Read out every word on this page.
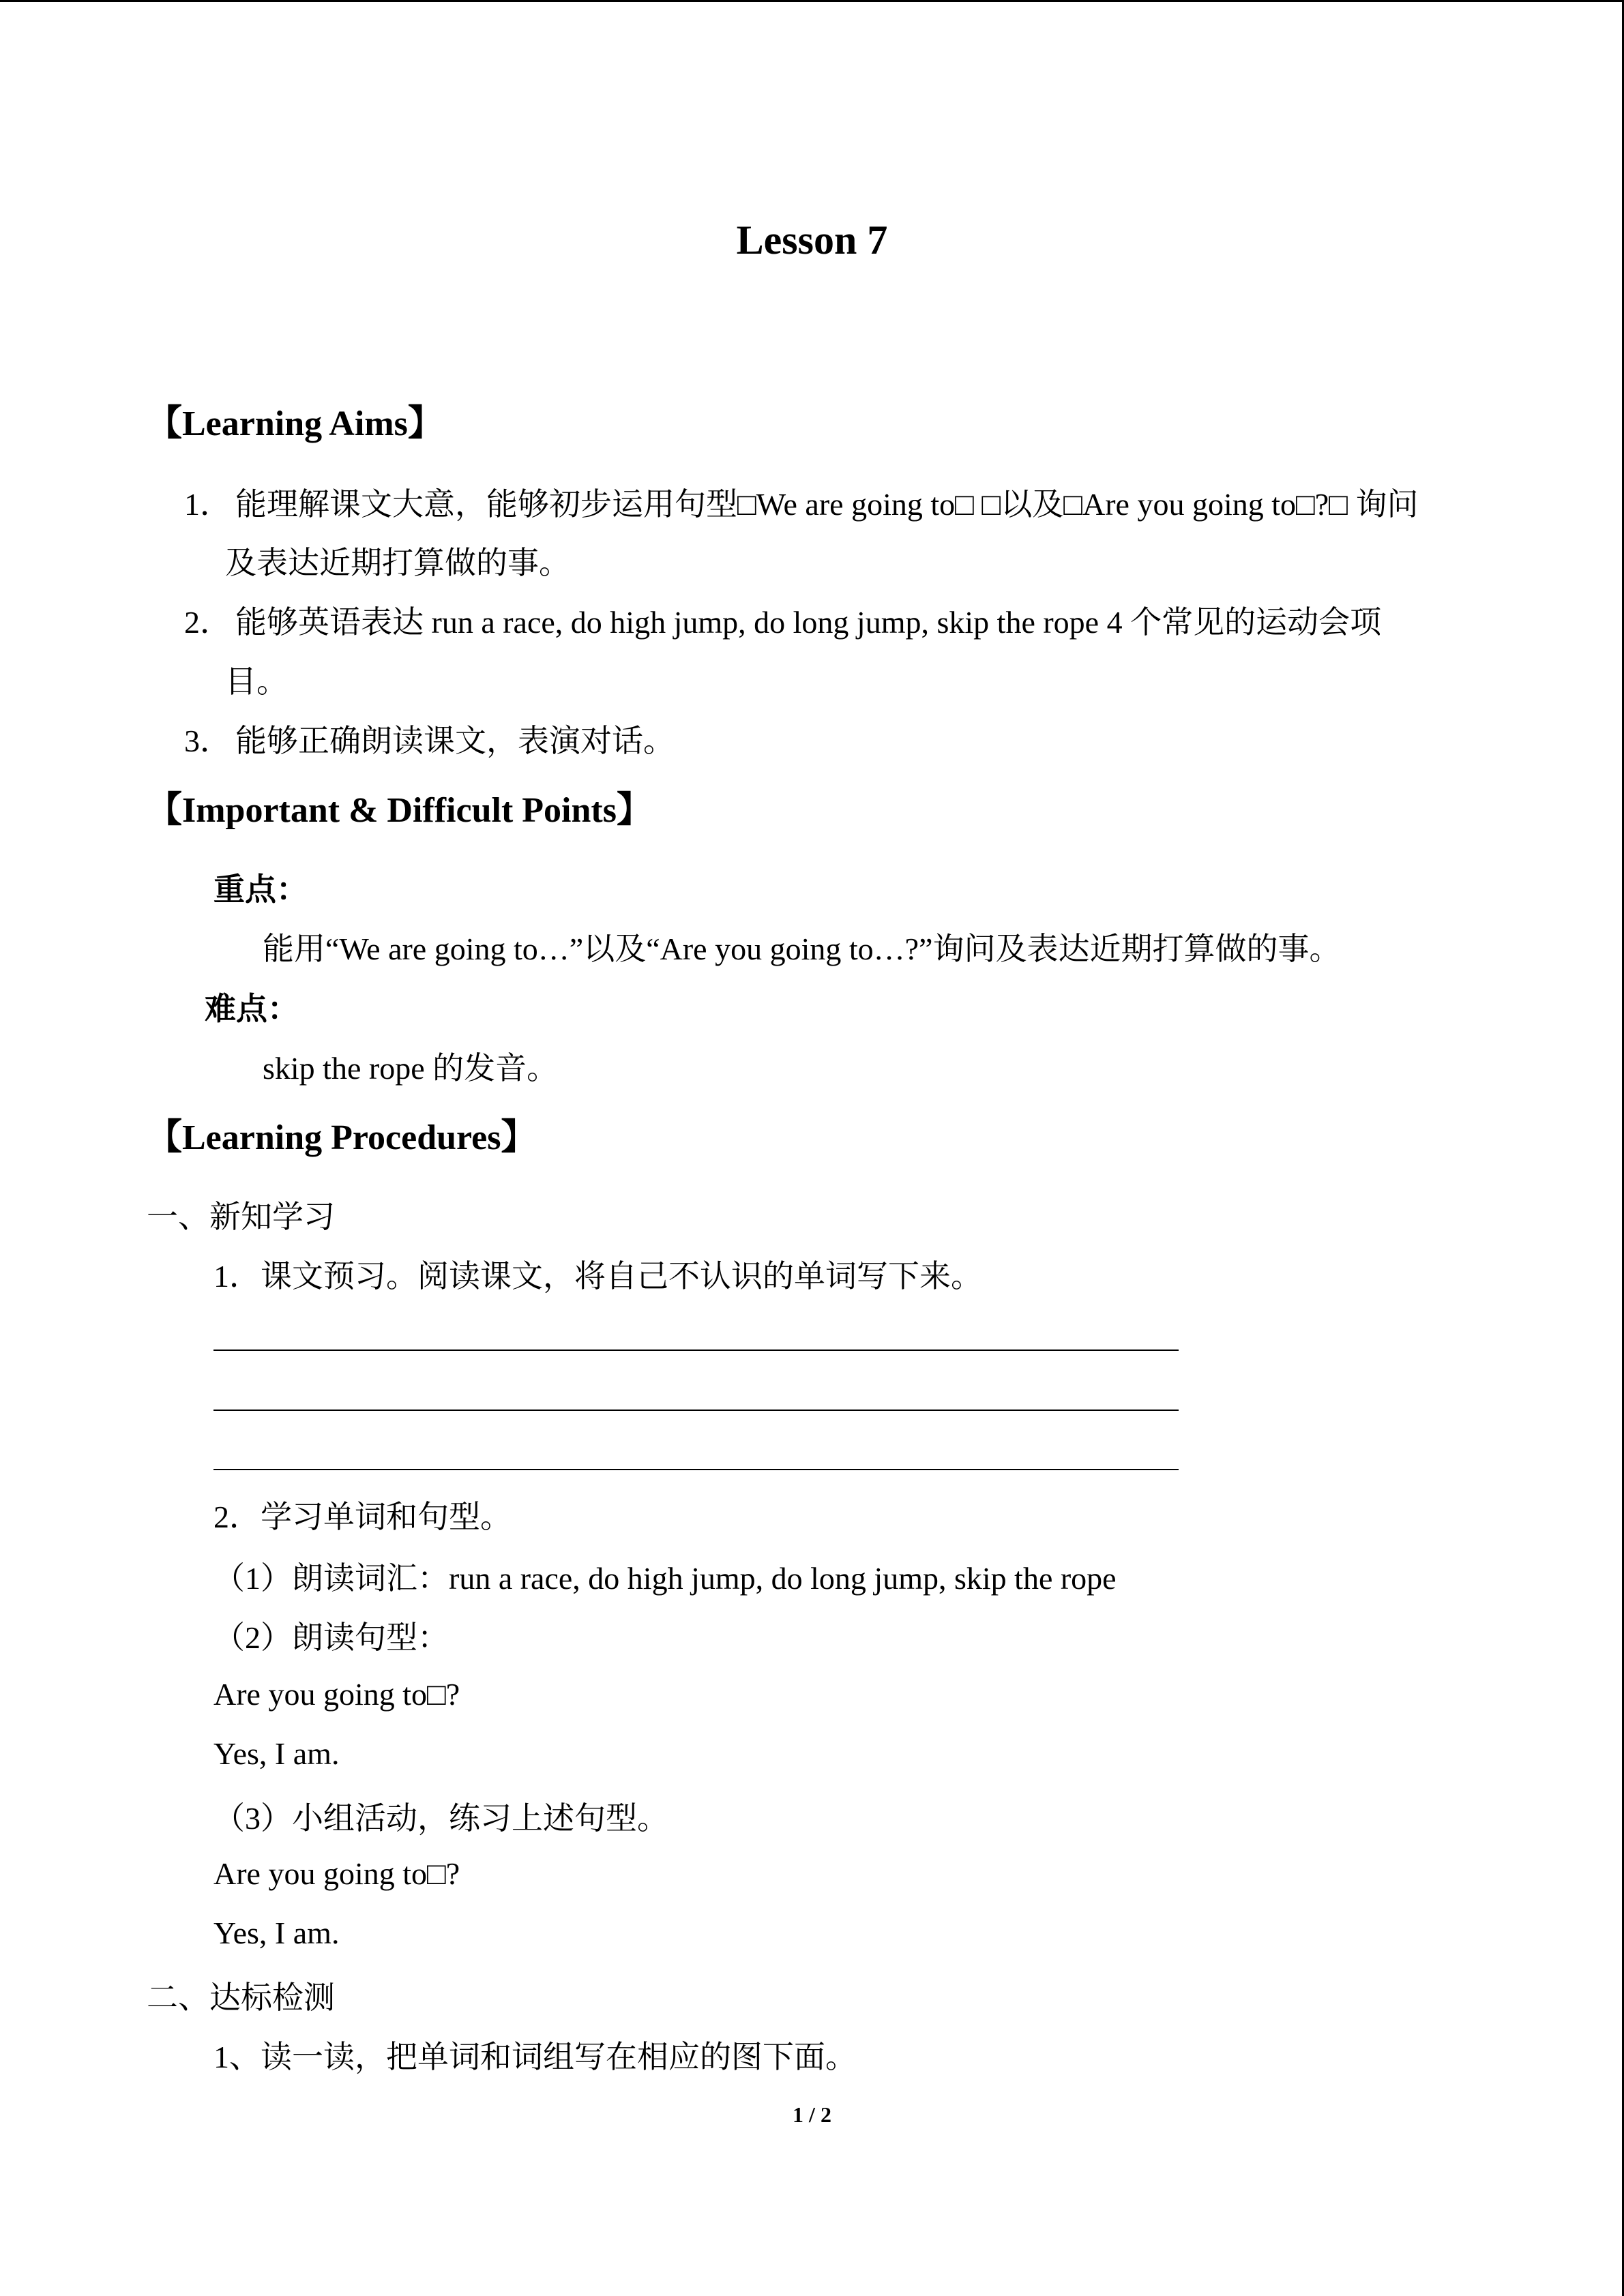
Lesson 7
【Learning Aims】
1． 能理解课文大意，能够初步运用句型□We are going to□ □以及□Are you going to□?□ 询问
及表达近期打算做的事。
2． 能够英语表达 run a race, do high jump, do long jump, skip the rope 4 个常见的运动会项
目。
3． 能够正确朗读课文，表演对话。
【Important & Difficult Points】
重点：
能用“We are going to…”以及“Are you going to…?”询问及表达近期打算做的事。
难点：
skip the rope 的发音。
【Learning Procedures】
一、新知学习
1．课文预习。阅读课文，将自己不认识的单词写下来。
2．学习单词和句型。
（1）朗读词汇：run a race, do high jump, do long jump, skip the rope
（2）朗读句型：
Are you going to□?
Yes, I am.
（3）小组活动，练习上述句型。
Are you going to□?
Yes, I am.
二、达标检测
1、读一读，把单词和词组写在相应的图下面。
1 / 2
